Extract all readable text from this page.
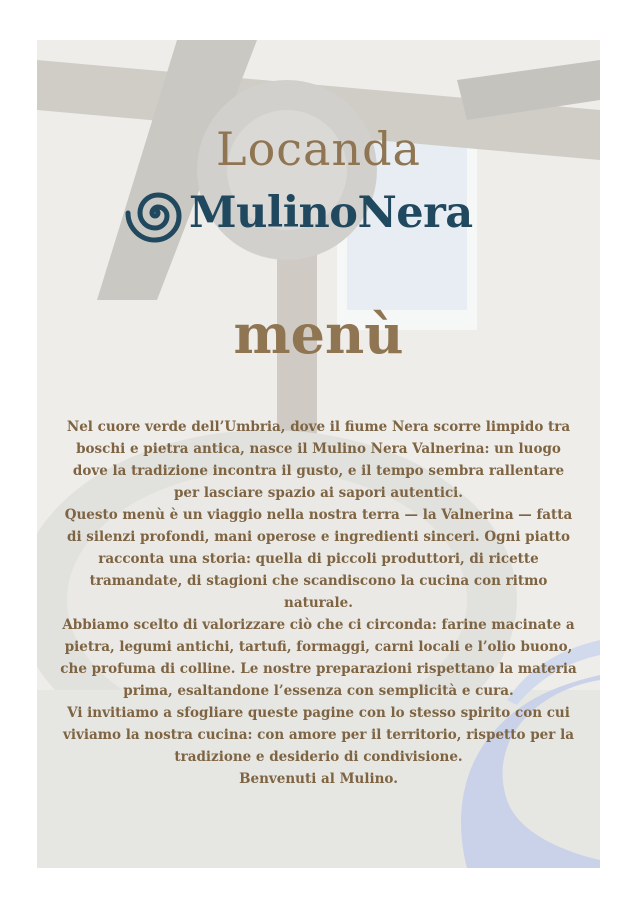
Locanda
MulinoNera
menù

Nel cuore verde dell’Umbria, dove il fiume Nera scorre limpido tra boschi e pietra antica, nasce il Mulino Nera Valnerina: un luogo dove la tradizione incontra il gusto, e il tempo sembra rallentare per lasciare spazio ai sapori autentici.

Questo menù è un viaggio nella nostra terra — la Valnerina — fatta di silenzi profondi, mani operose e ingredienti sinceri. Ogni piatto racconta una storia: quella di piccoli produttori, di ricette tramandate, di stagioni che scandiscono la cucina con ritmo naturale.

Abbiamo scelto di valorizzare ciò che ci circonda: farine macinate a pietra, legumi antichi, tartufi, formaggi, carni locali e l’olio buono, che profuma di colline. Le nostre preparazioni rispettano la materia prima, esaltandone l’essenza con semplicità e cura.

Vi invitiamo a sfogliare queste pagine con lo stesso spirito con cui viviamo la nostra cucina: con amore per il territorio, rispetto per la tradizione e desiderio di condivisione.

Benvenuti al Mulino.
